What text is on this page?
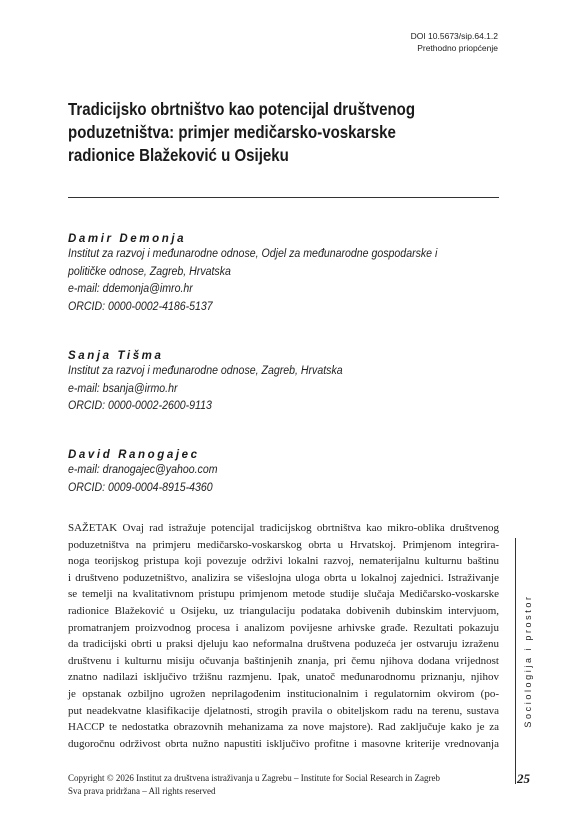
DOI 10.5673/sip.64.1.2
Prethodno priopćenje
Tradicijsko obrtništvo kao potencijal društvenog
poduzetništva: primjer medičarsko-voskarske
radionice Blažeković u Osijeku
Damir Demonja
Institut za razvoj i međunarodne odnose, Odjel za međunarodne gospodarske i
političke odnose, Zagreb, Hrvatska
e-mail: ddemonja@imro.hr
ORCID: 0000-0002-4186-5137
Sanja Tišma
Institut za razvoj i međunarodne odnose, Zagreb, Hrvatska
e-mail: bsanja@irmo.hr
ORCID: 0000-0002-2600-9113
David Ranogajec
e-mail: dranogajec@yahoo.com
ORCID: 0009-0004-8915-4360
SAŽETAK Ovaj rad istražuje potencijal tradicijskog obrtništva kao mikro-oblika društvenog
poduzetništva na primjeru medičarsko-voskarskog obrta u Hrvatskoj. Primjenom integrira-
noga teorijskog pristupa koji povezuje održivi lokalni razvoj, nematerijalnu kulturnu baštinu
i društveno poduzetništvo, analizira se višeslojna uloga obrta u lokalnoj zajednici. Istraživanje
se temelji na kvalitativnom pristupu primjenom metode studije slučaja Medičarsko-voskarske
radionice Blažeković u Osijeku, uz triangulaciju podataka dobivenih dubinskim intervjuom,
promatranjem proizvodnog procesa i analizom povijesne arhivske građe. Rezultati pokazuju
da tradicijski obrti u praksi djeluju kao neformalna društvena poduzeća jer ostvaruju izraženu
društvenu i kulturnu misiju očuvanja baštinjenih znanja, pri čemu njihova dodana vrijednost
znatno nadilazi isključivo tržišnu razmjenu. Ipak, unatoč međunarodnomu priznanju, njihov
je opstanak ozbiljno ugrožen neprilagođenim institucionalnim i regulatornim okvirom (po-
put neadekvatne klasifikacije djelatnosti, strogih pravila o obiteljskom radu na terenu, sustava
HACCP te nedostatka obrazovnih mehanizama za nove majstore). Rad zaključuje kako je za
dugoročnu održivost obrta nužno napustiti isključivo profitne i masovne kriterije vrednovanja
Sociologija i prostor
25
Copyright © 2026 Institut za društvena istraživanja u Zagrebu – Institute for Social Research in Zagreb
Sva prava pridržana – All rights reserved
